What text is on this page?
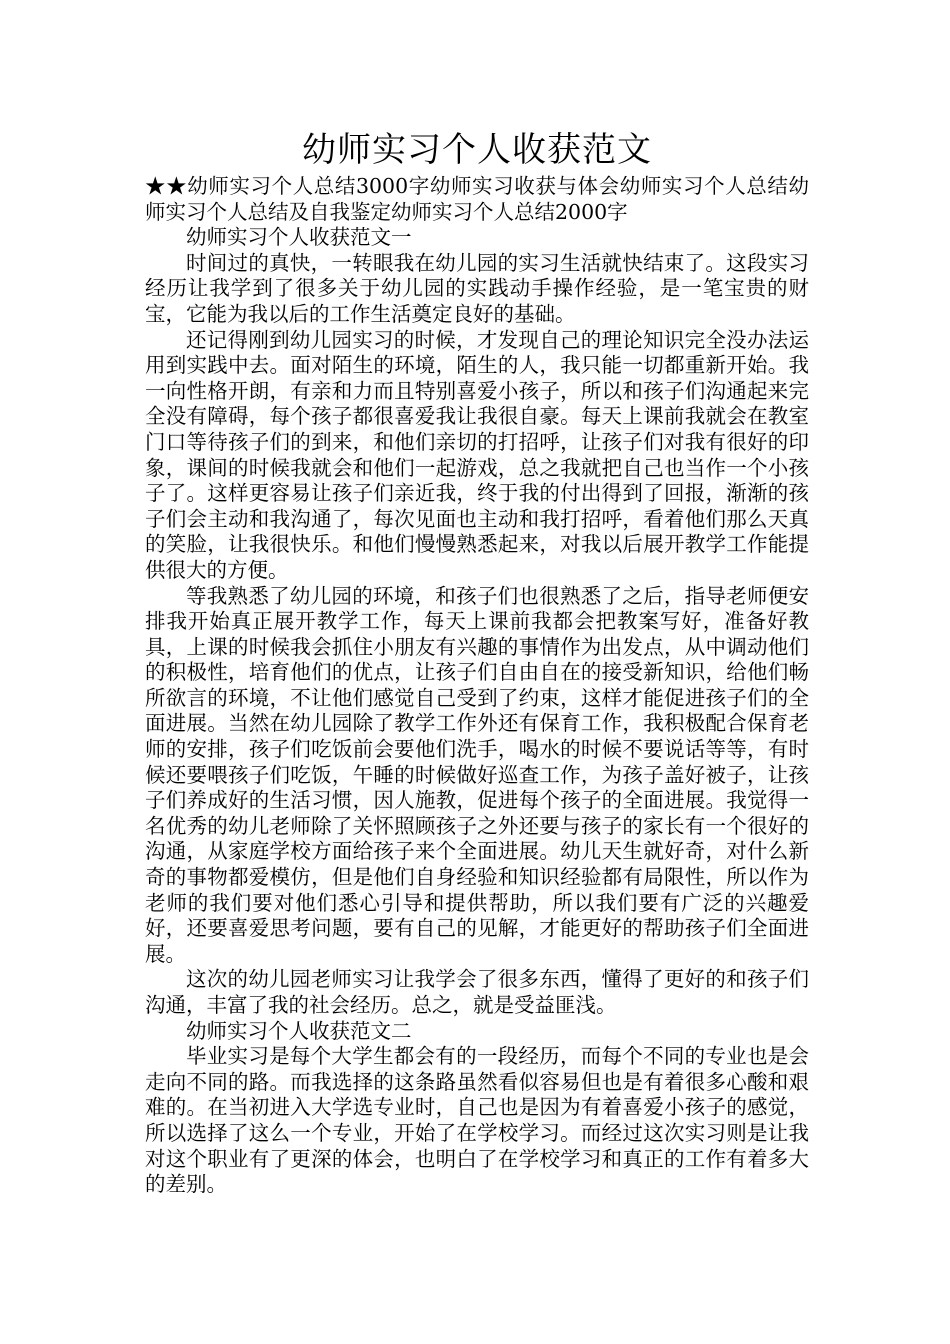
幼师实习个人收获范文

★★幼师实习个人总结3000字幼师实习收获与体会幼师实习个人总结幼师实习个人总结及自我鉴定幼师实习个人总结2000字

幼师实习个人收获范文一

时间过的真快，一转眼我在幼儿园的实习生活就快结束了。这段实习经历让我学到了很多关于幼儿园的实践动手操作经验，是一笔宝贵的财宝，它能为我以后的工作生活奠定良好的基础。

还记得刚到幼儿园实习的时候，才发现自己的理论知识完全没办法运用到实践中去。面对陌生的环境，陌生的人，我只能一切都重新开始。我一向性格开朗，有亲和力而且特别喜爱小孩子，所以和孩子们沟通起来完全没有障碍，每个孩子都很喜爱我让我很自豪。每天上课前我就会在教室门口等待孩子们的到来，和他们亲切的打招呼，让孩子们对我有很好的印象，课间的时候我就会和他们一起游戏，总之我就把自己也当作一个小孩子了。这样更容易让孩子们亲近我，终于我的付出得到了回报，渐渐的孩子们会主动和我沟通了，每次见面也主动和我打招呼，看着他们那么天真的笑脸，让我很快乐。和他们慢慢熟悉起来，对我以后展开教学工作能提供很大的方便。

等我熟悉了幼儿园的环境，和孩子们也很熟悉了之后，指导老师便安排我开始真正展开教学工作，每天上课前我都会把教案写好，准备好教具，上课的时候我会抓住小朋友有兴趣的事情作为出发点，从中调动他们的积极性，培育他们的优点，让孩子们自由自在的接受新知识，给他们畅所欲言的环境，不让他们感觉自己受到了约束，这样才能促进孩子们的全面进展。当然在幼儿园除了教学工作外还有保育工作，我积极配合保育老师的安排，孩子们吃饭前会要他们洗手，喝水的时候不要说话等等，有时候还要喂孩子们吃饭，午睡的时候做好巡查工作，为孩子盖好被子，让孩子们养成好的生活习惯，因人施教，促进每个孩子的全面进展。我觉得一名优秀的幼儿老师除了关怀照顾孩子之外还要与孩子的家长有一个很好的沟通，从家庭学校方面给孩子来个全面进展。幼儿天生就好奇，对什么新奇的事物都爱模仿，但是他们自身经验和知识经验都有局限性，所以作为老师的我们要对他们悉心引导和提供帮助，所以我们要有广泛的兴趣爱好，还要喜爱思考问题，要有自己的见解，才能更好的帮助孩子们全面进展。

这次的幼儿园老师实习让我学会了很多东西，懂得了更好的和孩子们沟通，丰富了我的社会经历。总之，就是受益匪浅。

幼师实习个人收获范文二

毕业实习是每个大学生都会有的一段经历，而每个不同的专业也是会走向不同的路。而我选择的这条路虽然看似容易但也是有着很多心酸和艰难的。在当初进入大学选专业时，自己也是因为有着喜爱小孩子的感觉，所以选择了这么一个专业，开始了在学校学习。而经过这次实习则是让我对这个职业有了更深的体会，也明白了在学校学习和真正的工作有着多大的差别。
